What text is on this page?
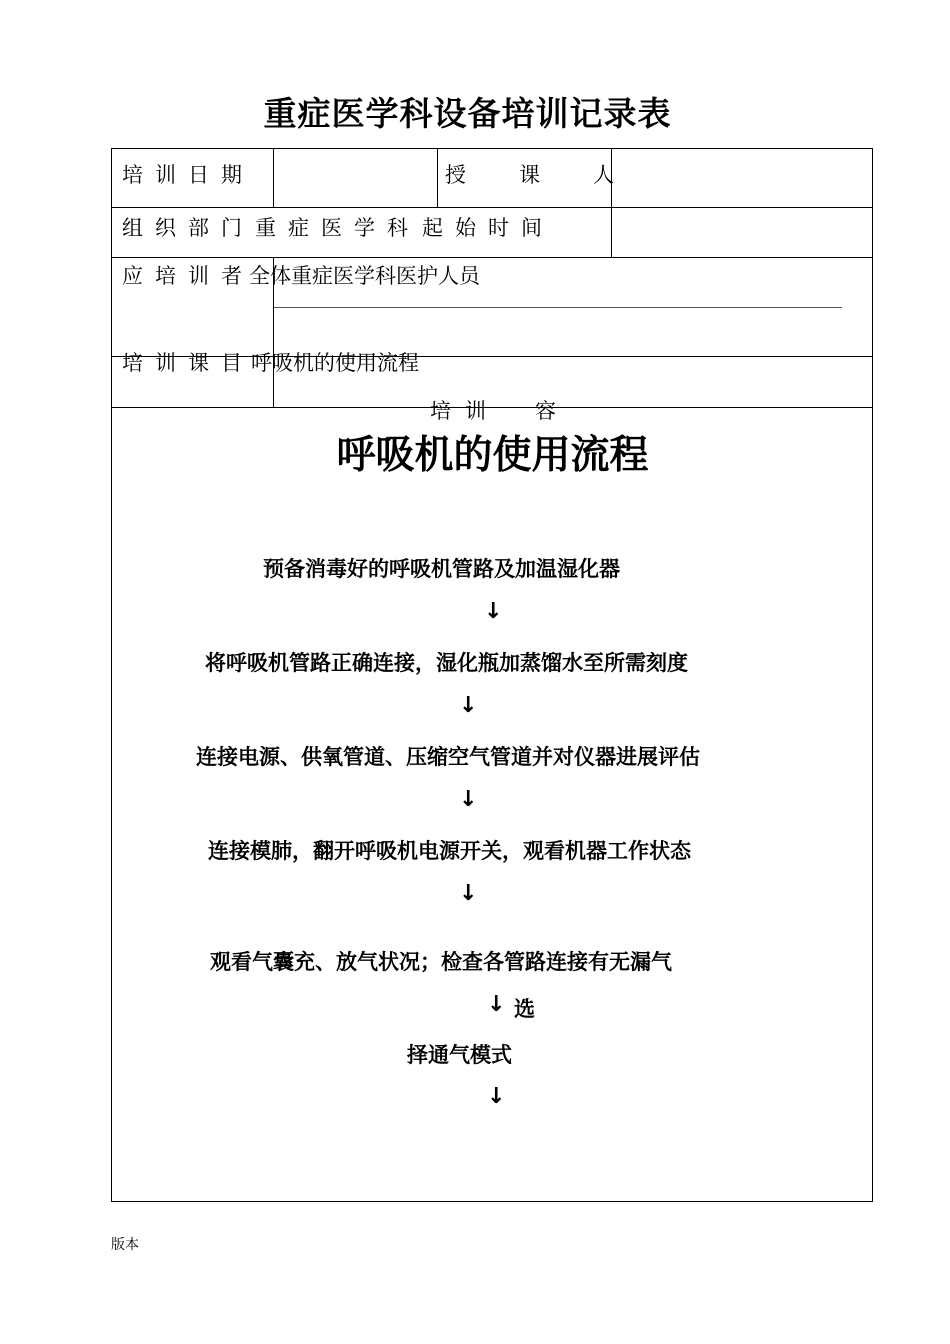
重症医学科设备培训记录表
培训日期	授　课　人
组织部门 重症医学科 起始时间
应培训者
全体重症医学科医护人员
培训课目
呼吸机的使用流程
培训　容
呼吸机的使用流程
预备消毒好的呼吸机管路及加温湿化器
↓
将呼吸机管路正确连接，湿化瓶加蒸馏水至所需刻度
↓
连接电源、供氧管道、压缩空气管道并对仪器进展评估
↓
连接模肺，翻开呼吸机电源开关，观看机器工作状态
↓
观看气囊充、放气状况；检查各管路连接有无漏气
↓ 选
择通气模式
↓
版本
